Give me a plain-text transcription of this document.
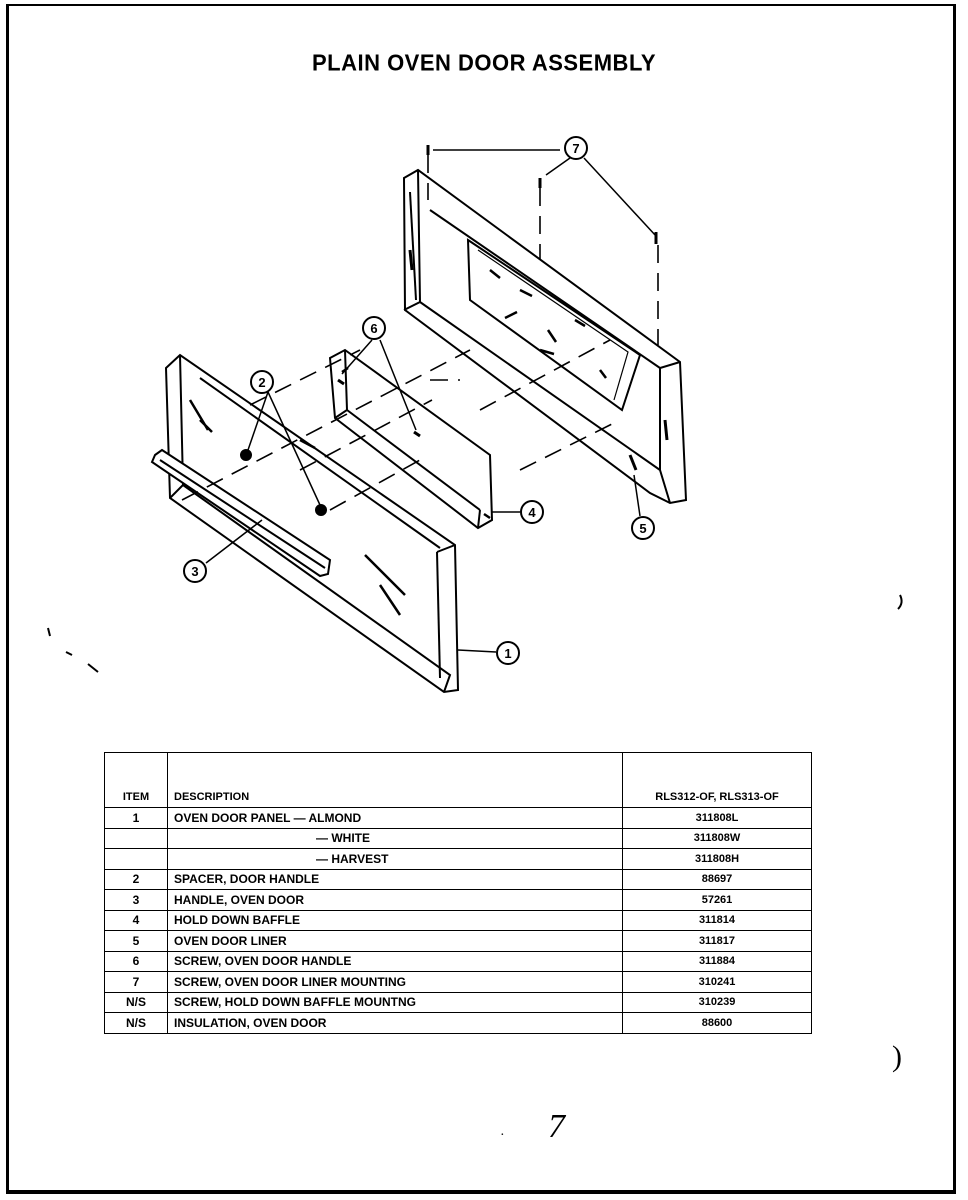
PLAIN OVEN DOOR ASSEMBLY
7
6
2
4
5
3
1
ITEM	DESCRIPTION	RLS312-OF, RLS313-OF
1	OVEN DOOR PANEL — ALMOND	311808L
	— WHITE	311808W
	— HARVEST	311808H
2	SPACER, DOOR HANDLE	88697
3	HANDLE, OVEN DOOR	57261
4	HOLD DOWN BAFFLE	311814
5	OVEN DOOR LINER	311817
6	SCREW, OVEN DOOR HANDLE	311884
7	SCREW, OVEN DOOR LINER MOUNTING	310241
N/S	SCREW, HOLD DOWN BAFFLE MOUNTNG	310239
N/S	INSULATION, OVEN DOOR	88600
)
7
·
